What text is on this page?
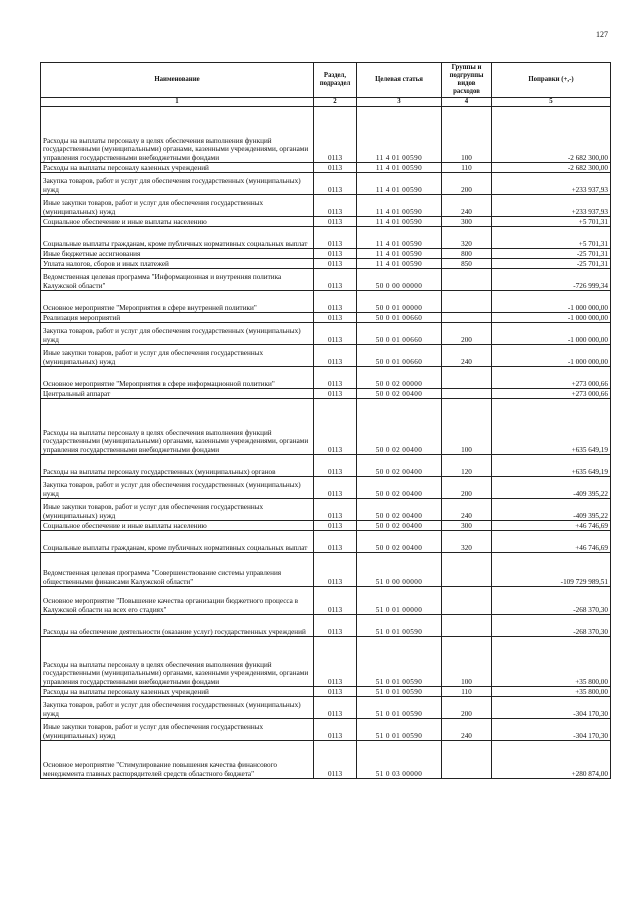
127
Наименование	Раздел, подраздел	Целевая статья	Группы и подгруппы видов расходов	Поправки (+,-)
1	2	3	4	5
Расходы на выплаты персоналу в целях обеспечения выполнения функций государственными (муниципальными) органами, казенными учреждениями, органами управления государственными внебюджетными фондами	0113	11 4 01 00590	100	-2 682 300,00
Расходы на выплаты персоналу казенных учреждений	0113	11 4 01 00590	110	-2 682 300,00
Закупка товаров, работ и услуг для обеспечения государственных (муниципальных) нужд	0113	11 4 01 00590	200	+233 937,93
Иные закупки товаров, работ и услуг для обеспечения государственных (муниципальных) нужд	0113	11 4 01 00590	240	+233 937,93
Социальное обеспечение и иные выплаты населению	0113	11 4 01 00590	300	+5 701,31
Социальные выплаты гражданам, кроме публичных нормативных социальных выплат	0113	11 4 01 00590	320	+5 701,31
Иные бюджетные ассигнования	0113	11 4 01 00590	800	-25 701,31
Уплата налогов, сборов и иных платежей	0113	11 4 01 00590	850	-25 701,31
Ведомственная целевая программа "Информационная и внутренняя политика Калужской области"	0113	50 0 00 00000		-726 999,34
Основное мероприятие "Мероприятия в сфере внутренней политики"	0113	50 0 01 00000		-1 000 000,00
Реализация мероприятий	0113	50 0 01 00660		-1 000 000,00
Закупка товаров, работ и услуг для обеспечения государственных (муниципальных) нужд	0113	50 0 01 00660	200	-1 000 000,00
Иные закупки товаров, работ и услуг для обеспечения государственных (муниципальных) нужд	0113	50 0 01 00660	240	-1 000 000,00
Основное мероприятие "Мероприятия в сфере информационной политики"	0113	50 0 02 00000		+273 000,66
Центральный аппарат	0113	50 0 02 00400		+273 000,66
Расходы на выплаты персоналу в целях обеспечения выполнения функций государственными (муниципальными) органами, казенными учреждениями, органами управления государственными внебюджетными фондами	0113	50 0 02 00400	100	+635 649,19
Расходы на выплаты персоналу государственных (муниципальных) органов	0113	50 0 02 00400	120	+635 649,19
Закупка товаров, работ и услуг для обеспечения государственных (муниципальных) нужд	0113	50 0 02 00400	200	-409 395,22
Иные закупки товаров, работ и услуг для обеспечения государственных (муниципальных) нужд	0113	50 0 02 00400	240	-409 395,22
Социальное обеспечение и иные выплаты населению	0113	50 0 02 00400	300	+46 746,69
Социальные выплаты гражданам, кроме публичных нормативных социальных выплат	0113	50 0 02 00400	320	+46 746,69
Ведомственная целевая программа "Совершенствование системы управления общественными финансами Калужской области"	0113	51 0 00 00000		-109 729 989,51
Основное мероприятие "Повышение качества организации бюджетного процесса в Калужской области на всех его стадиях"	0113	51 0 01 00000		-268 370,30
Расходы на обеспечение деятельности (оказание услуг) государственных учреждений	0113	51 0 01 00590		-268 370,30
Расходы на выплаты персоналу в целях обеспечения выполнения функций государственными (муниципальными) органами, казенными учреждениями, органами управления государственными внебюджетными фондами	0113	51 0 01 00590	100	+35 800,00
Расходы на выплаты персоналу казенных учреждений	0113	51 0 01 00590	110	+35 800,00
Закупка товаров, работ и услуг для обеспечения государственных (муниципальных) нужд	0113	51 0 01 00590	200	-304 170,30
Иные закупки товаров, работ и услуг для обеспечения государственных (муниципальных) нужд	0113	51 0 01 00590	240	-304 170,30
Основное мероприятие "Стимулирование повышения качества финансового менеджмента главных распорядителей средств областного бюджета"	0113	51 0 03 00000		+280 874,00
